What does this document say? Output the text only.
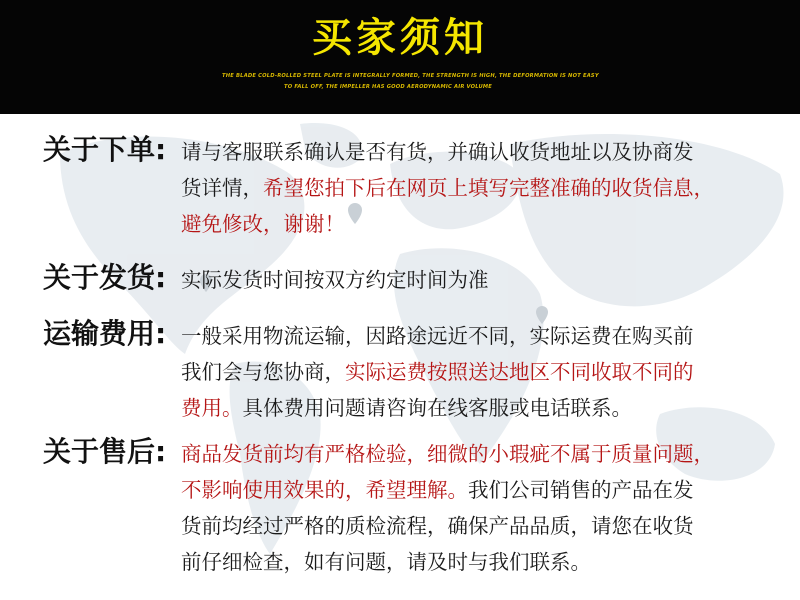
买家须知
THE BLADE COLD-ROLLED STEEL PLATE IS INTEGRALLY FORMED, THE STRENGTH IS HIGH, THE DEFORMATION IS NOT EASY
TO FALL OFF, THE IMPELLER HAS GOOD AERODYNAMIC AIR VOLUME
关于下单: 请与客服联系确认是否有货，并确认收货地址以及协商发
货详情，希望您拍下后在网页上填写完整准确的收货信息，
避免修改，谢谢！
关于发货: 实际发货时间按双方约定时间为准
运输费用: 一般采用物流运输，因路途远近不同，实际运费在购买前
我们会与您协商，实际运费按照送达地区不同收取不同的
费用。具体费用问题请咨询在线客服或电话联系。
关于售后: 商品发货前均有严格检验，细微的小瑕疵不属于质量问题，
不影响使用效果的，希望理解。我们公司销售的产品在发
货前均经过严格的质检流程，确保产品品质，请您在收货
前仔细检查，如有问题，请及时与我们联系。
